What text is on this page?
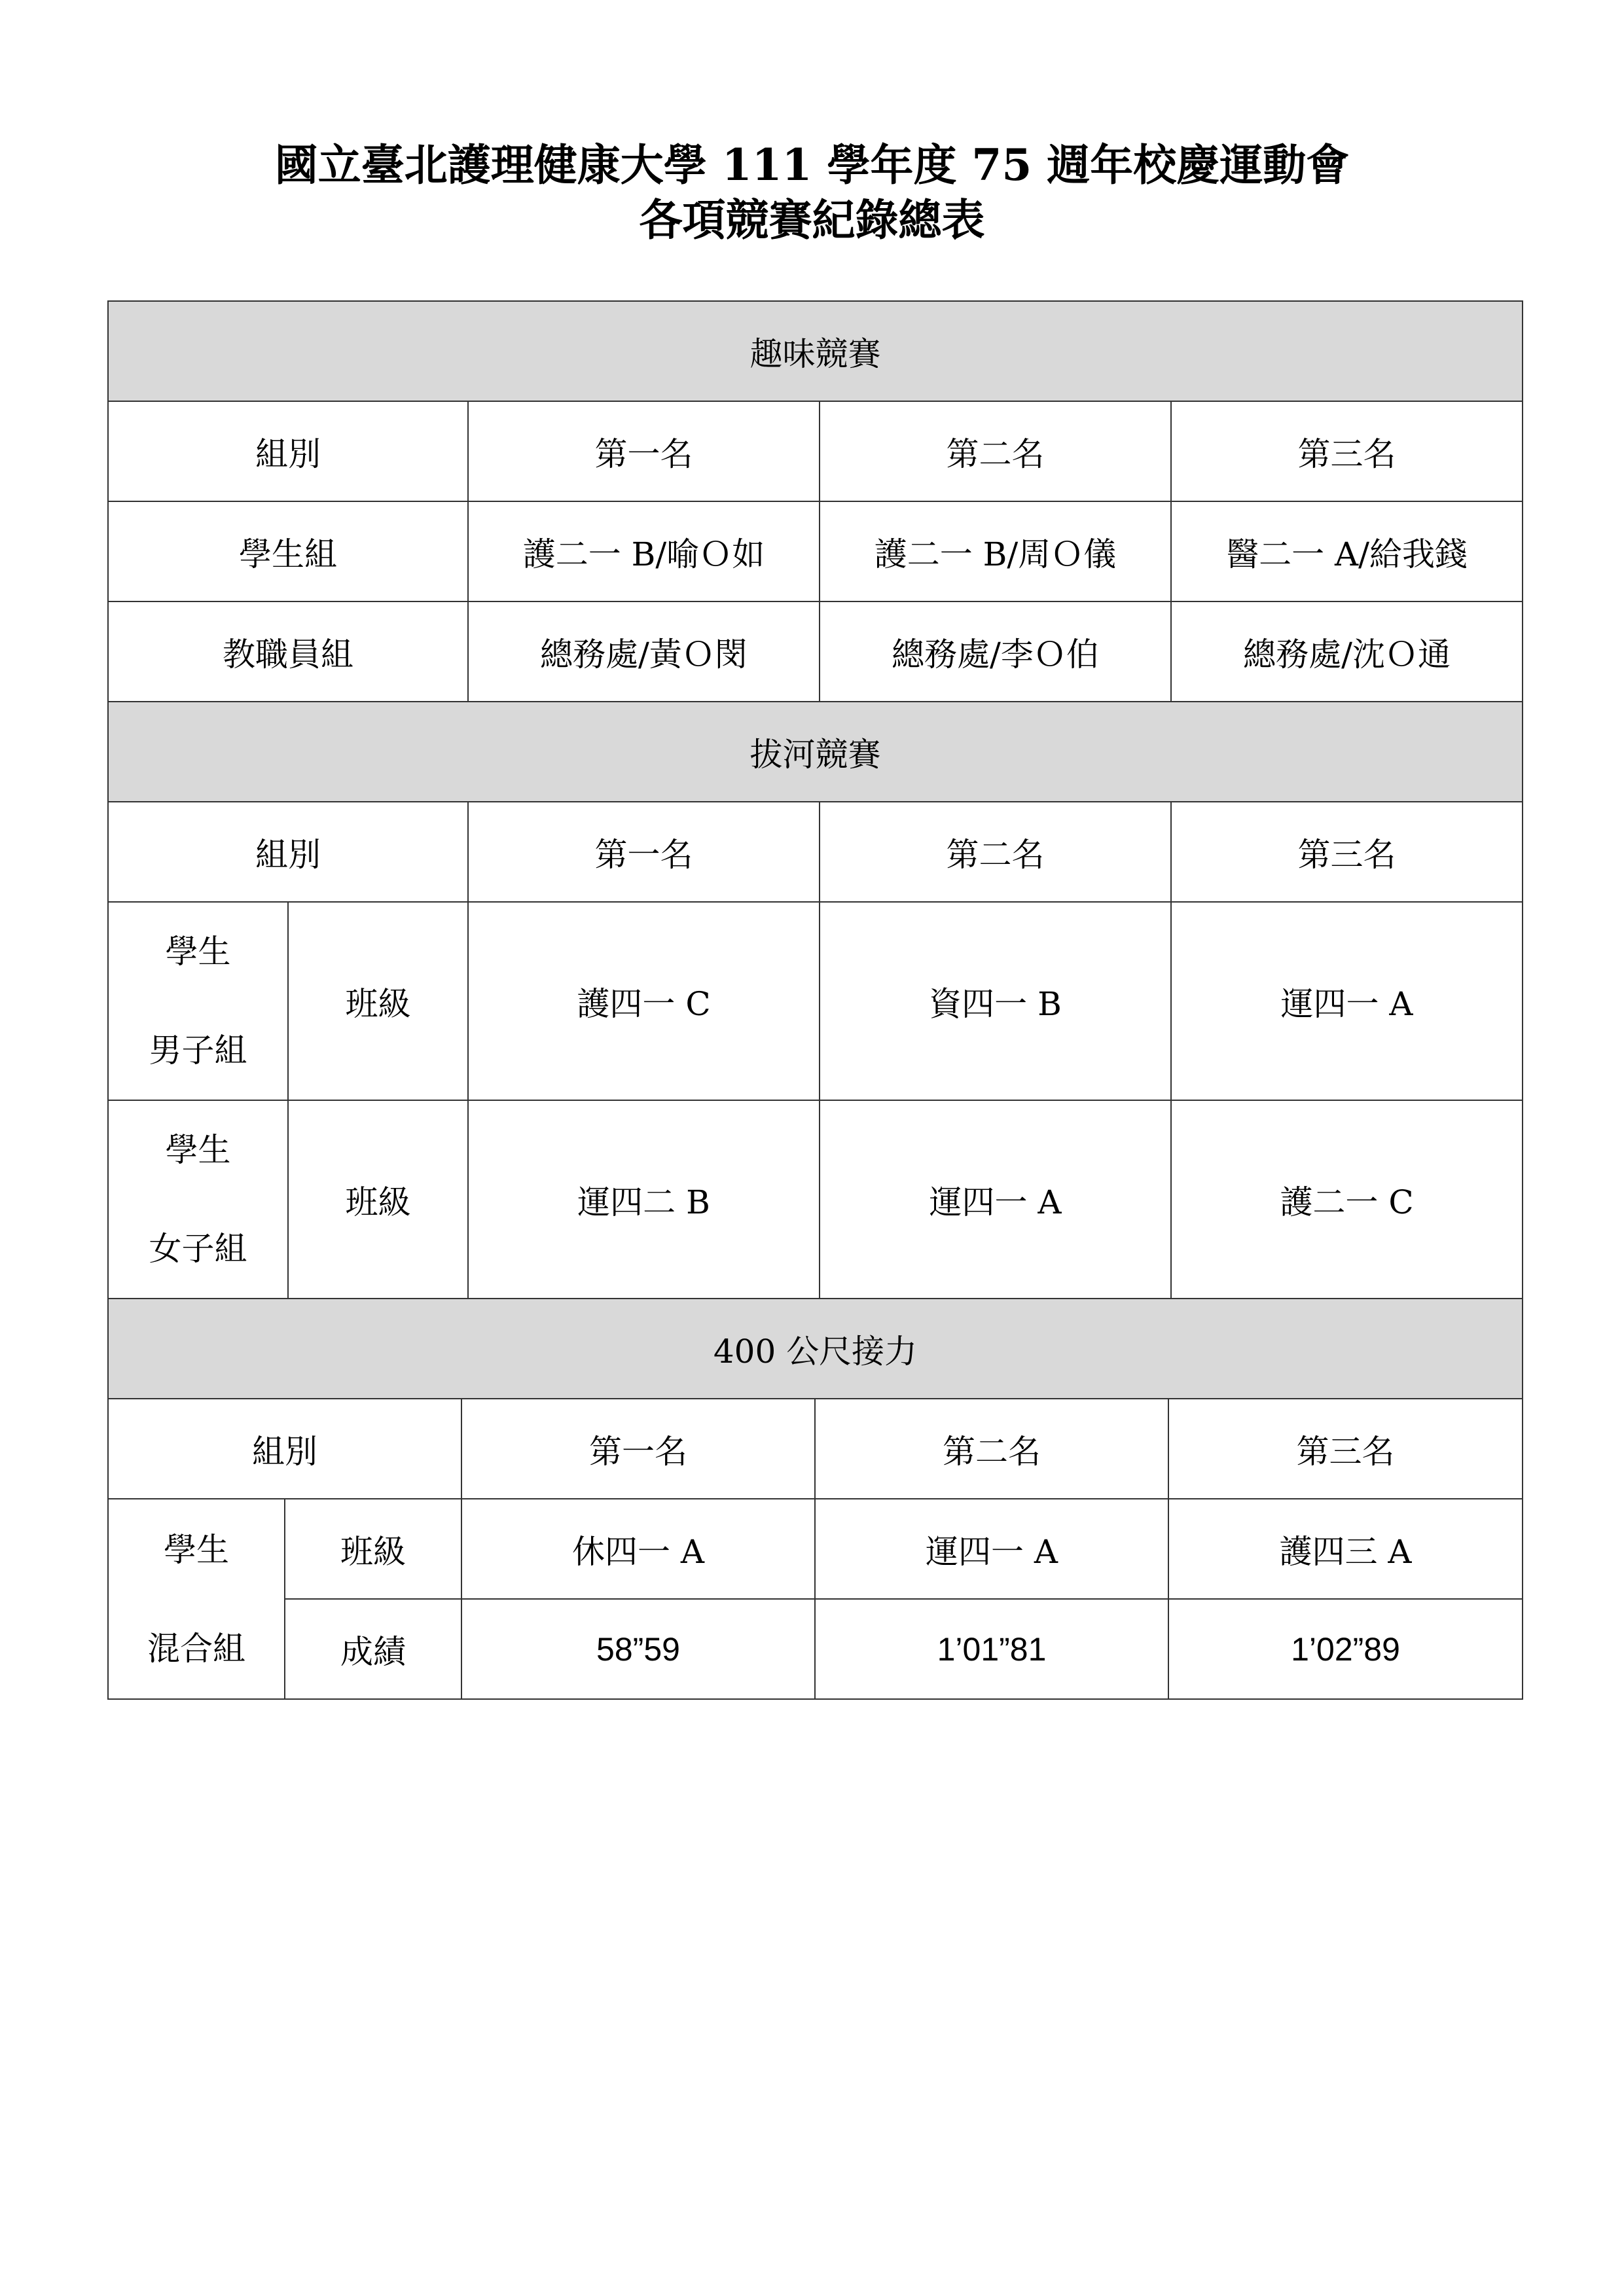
國立臺北護理健康大學 111 學年度 75 週年校慶運動會
各項競賽紀錄總表
趣味競賽				
組別		第一名	第二名	第三名
學生組		護二一 B/喻Ｏ如	護二一 B/周Ｏ儀	醫二一 A/給我錢
教職員組		總務處/黃Ｏ閔	總務處/李Ｏ伯	總務處/沈Ｏ通
拔河競賽				
組別		第一名	第二名	第三名

學生
男子組	班級	護四一 C	資四一 B	運四一 A

學生
女子組	班級	運四二 B	運四一 A	護二一 C
400 公尺接力				
組別		第一名	第二名	第三名

學生
混合組	班級	休四一 A	運四一 A	護四三 A
	成績	58”59	1’01”81	1’02”89
